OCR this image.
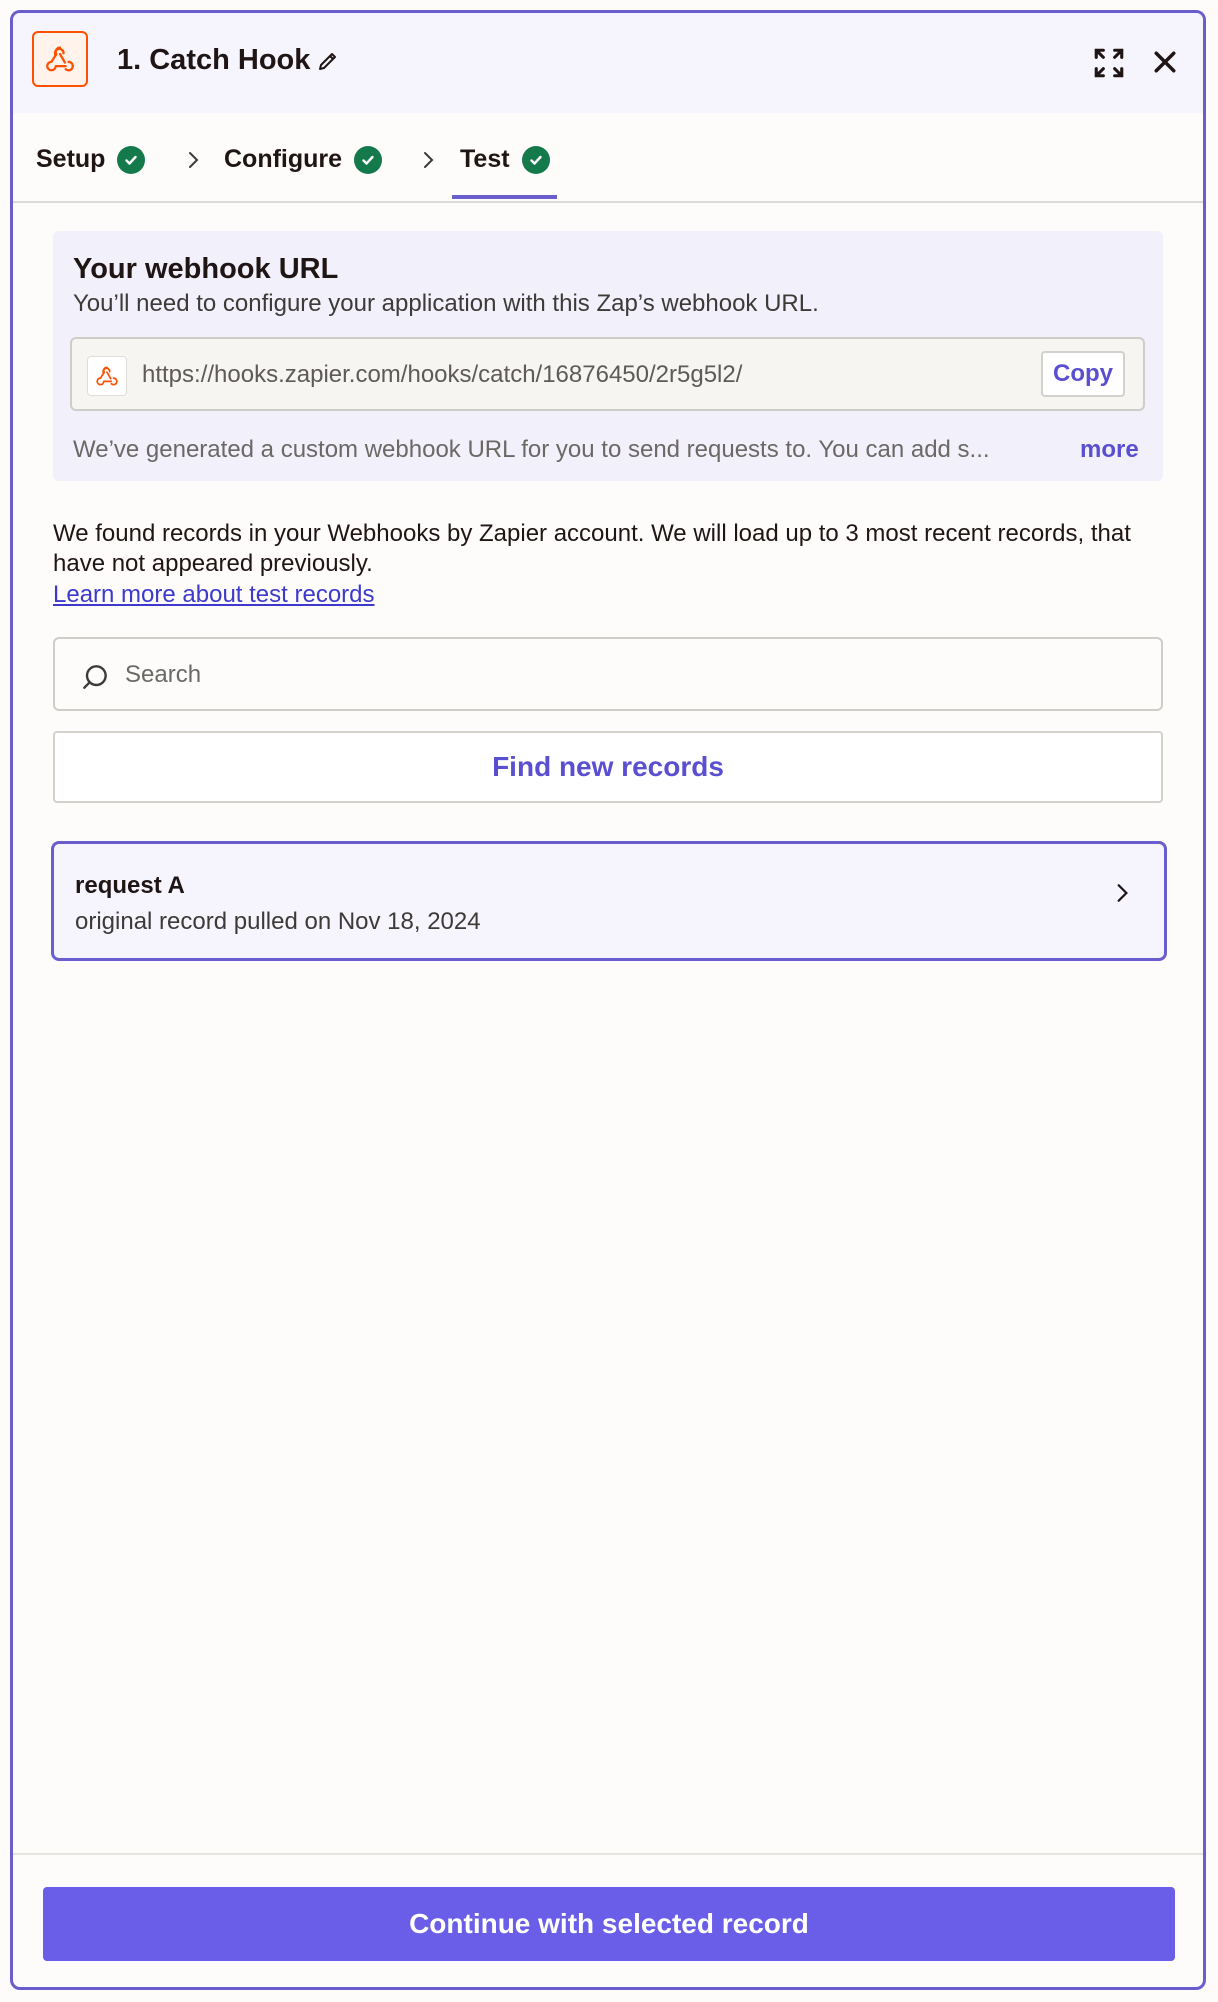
1. Catch Hook
Setup	Configure	Test
Your webhook URL
You’ll need to configure your application with this Zap’s webhook URL.
https://hooks.zapier.com/hooks/catch/16876450/2r5g5l2/	Copy
We’ve generated a custom webhook URL for you to send requests to. You can add s...	more
We found records in your Webhooks by Zapier account. We will load up to 3 most recent records, that have not appeared previously.
Learn more about test records
Search
Find new records
request A
original record pulled on Nov 18, 2024
Continue with selected record
